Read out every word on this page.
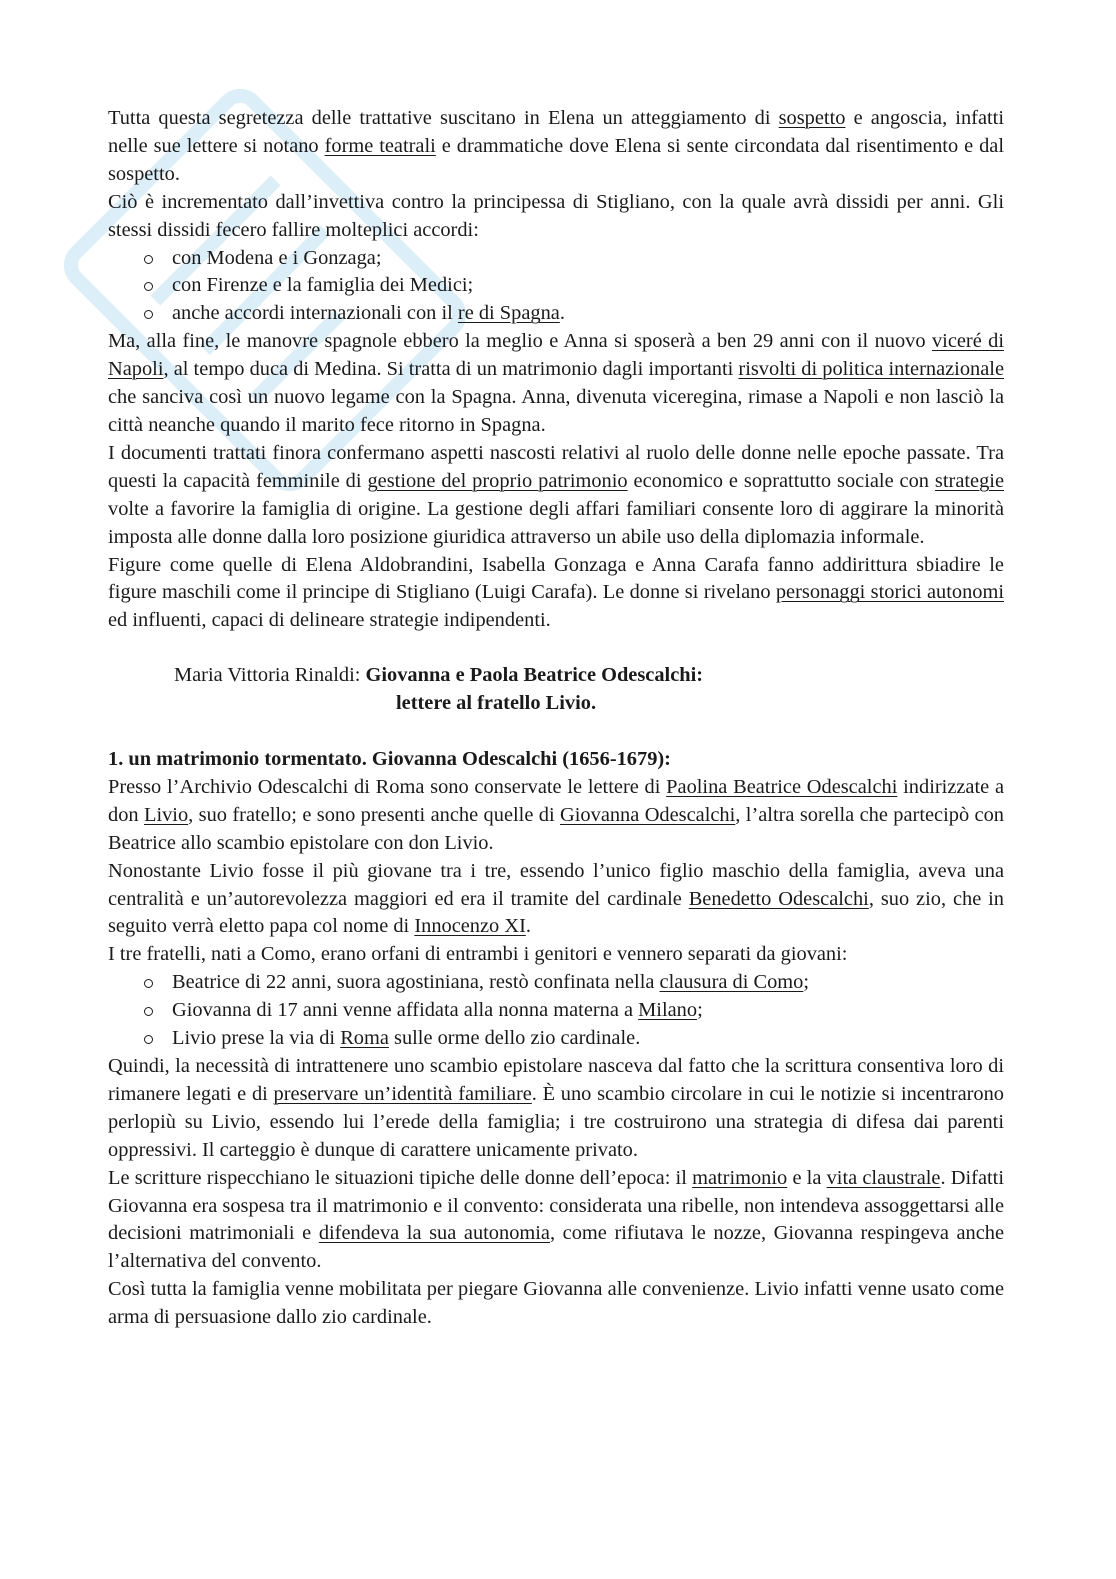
Tutta questa segretezza delle trattative suscitano in Elena un atteggiamento di sospetto e angoscia, infatti nelle sue lettere si notano forme teatrali e drammatiche dove Elena si sente circondata dal risentimento e dal sospetto.

Ciò è incrementato dall’invettiva contro la principessa di Stigliano, con la quale avrà dissidi per anni. Gli stessi dissidi fecero fallire molteplici accordi:

con Modena e i Gonzaga;
con Firenze e la famiglia dei Medici;
anche accordi internazionali con il re di Spagna.

Ma, alla fine, le manovre spagnole ebbero la meglio e Anna si sposerà a ben 29 anni con il nuovo viceré di Napoli, al tempo duca di Medina. Si tratta di un matrimonio dagli importanti risvolti di politica internazionale che sanciva così un nuovo legame con la Spagna. Anna, divenuta viceregina, rimase a Napoli e non lasciò la città neanche quando il marito fece ritorno in Spagna.

I documenti trattati finora confermano aspetti nascosti relativi al ruolo delle donne nelle epoche passate. Tra questi la capacità femminile di gestione del proprio patrimonio economico e soprattutto sociale con strategie volte a favorire la famiglia di origine. La gestione degli affari familiari consente loro di aggirare la minorità imposta alle donne dalla loro posizione giuridica attraverso un abile uso della diplomazia informale.

Figure come quelle di Elena Aldobrandini, Isabella Gonzaga e Anna Carafa fanno addirittura sbiadire le figure maschili come il principe di Stigliano (Luigi Carafa). Le donne si rivelano personaggi storici autonomi ed influenti, capaci di delineare strategie indipendenti.

Maria Vittoria Rinaldi: Giovanna e Paola Beatrice Odescalchi:
lettere al fratello Livio.
1. un matrimonio tormentato. Giovanna Odescalchi (1656-1679):

Presso l’Archivio Odescalchi di Roma sono conservate le lettere di Paolina Beatrice Odescalchi indirizzate a don Livio, suo fratello; e sono presenti anche quelle di Giovanna Odescalchi, l’altra sorella che partecipò con Beatrice allo scambio epistolare con don Livio.

Nonostante Livio fosse il più giovane tra i tre, essendo l’unico figlio maschio della famiglia, aveva una centralità e un’autorevolezza maggiori ed era il tramite del cardinale Benedetto Odescalchi, suo zio, che in seguito verrà eletto papa col nome di Innocenzo XI.

I tre fratelli, nati a Como, erano orfani di entrambi i genitori e vennero separati da giovani:

Beatrice di 22 anni, suora agostiniana, restò confinata nella clausura di Como;
Giovanna di 17 anni venne affidata alla nonna materna a Milano;
Livio prese la via di Roma sulle orme dello zio cardinale.

Quindi, la necessità di intrattenere uno scambio epistolare nasceva dal fatto che la scrittura consentiva loro di rimanere legati e di preservare un’identità familiare. È uno scambio circolare in cui le notizie si incentrarono perlopiù su Livio, essendo lui l’erede della famiglia; i tre costruirono una strategia di difesa dai parenti oppressivi. Il carteggio è dunque di carattere unicamente privato.

Le scritture rispecchiano le situazioni tipiche delle donne dell’epoca: il matrimonio e la vita claustrale. Difatti Giovanna era sospesa tra il matrimonio e il convento: considerata una ribelle, non intendeva assoggettarsi alle decisioni matrimoniali e difendeva la sua autonomia, come rifiutava le nozze, Giovanna respingeva anche l’alternativa del convento.

Così tutta la famiglia venne mobilitata per piegare Giovanna alle convenienze. Livio infatti venne usato come arma di persuasione dallo zio cardinale.
